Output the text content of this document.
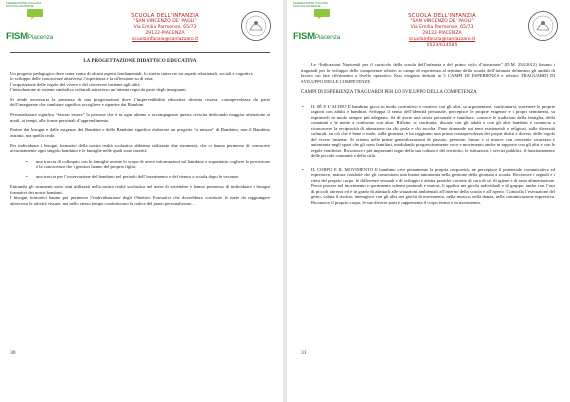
FEDERAZIONE ITALIANA SCUOLE MATERNE
FISMPiacenza
SCUOLA DELL'INFANZIA
“SAN VINCENZO DE' PAOLI”
Via Emilia Parmense, 65/73
29122-PIACENZA
scuolainfanzia@sanlazzaro.it
LA PROGETTAZIONE DIDATTICO EDUCATIVA
Un progetto pedagogico deve tener conto di alcuni aspetti fondamentali: lo stretto intreccio tra aspetti relazionali, sociali e cognitivi;
lo sviluppo delle conoscenze attraverso l’esperienza e la riflessione su di essa;
l’acquisizione delle regole del vivere e del convivere insieme agli altri;
l’introduzione ai sistemi simbolico culturali attraverso un’attenta regia da parte degli insegnanti.

Si rende necessaria la presenza di una progettazione dove l’imprevedibilità educativa diventa risorsa, consapevolezza da parte dell’insegnante che cambiare significa accogliere e ripartire dai Bambini.

Personalizzare significa “lasciar essere” la persona che è in ogni alunno e accompagnare questa crescita dedicando maggior attenzione ai modi, ai tempi, alle forme personali d’apprendimento.

Partire dai bisogni e dalle esigenze dei Bambini e delle Bambine significa elaborare un progetto “a misura” di Bambino, non il Bambino astratto, ma quello reale.

Per individuare i bisogni formativi della nostra realtà scolastica abbiamo utilizzato due strumenti, che ci hanno permesso di conoscere accuratamente ogni singolo bambino e le famiglie nelle quali sono inseriti:

• una traccia di colloquio con le famiglie avente lo scopo di avere informazioni sul bambino e soprattutto cogliere la percezione e la conoscenza che i genitori hanno del proprio figlio;
• una traccia per l’osservazione del bambino nel periodo dell’inserimento e del rientro a scuola dopo le vacanze.

Entrambi gli strumenti sono stati utilizzati nella nostra realtà scolastica nel mese di settembre e hanno permesso di individuare i bisogni formativi dei nostri bambini.

I bisogni formativi hanno poi permesso l’individuazione degli Obiettivi Formativi che dovrebbero costituire le mete da raggiungere attraverso le attività vissute, ma nello stesso tempo costituiscono la radice del piano personalizzato…

30
FEDERAZIONE ITALIANA SCUOLE MATERNE
FISMPiacenza
SCUOLA DELL'INFANZIA
“SAN VINCENZO DE' PAOLI”
Via Emilia Parmense, 65/73
29122-PIACENZA
scuolainfanzia@sanlazzaro.it
0523/614585

Le “Indicazioni Nazionali per il curricolo della scuola dell’infanzia e del primo ciclo d’istruzione” (D.M. 254/2012) fissano i traguardi per lo sviluppo delle competenze relativi ai campi di esperienza al termine della scuola dell’infanzia delineano gli ambiti di lavoro cui fare riferimento a livello operativo. Essi vengono definiti in 5 CAMPI DI ESPERIENZA e relativi TRAGUARDI DI SVILUPPO DELLE COMPETENZE.

CAMPI DI ESPERIENZA TRAGUARDI PER LO SVILUPPO DELLA COMPETENZA
• IL SÉ E L’ALTRO Il bambino gioca in modo costruttivo e creativo con gli altri, sa argomentare, confrontarsi, sostenere le proprie ragioni con adulti e bambini. Sviluppa il senso dell’identità personale, percepisce le proprie esigenze e i propri sentimenti, sa esprimerli in modo sempre più adeguato. Sa di avere una storia personale e familiare, conosce le tradizioni della famiglia, della comunità e le mette a confronto con altre. Riflette, si confronta, discute con gli adulti e con gli altri bambini e comincia a riconoscere la reciprocità di attenzione tra chi parla e chi ascolta. Pone domande sui temi esistenziali e religiosi, sulle diversità culturali, su ciò che è bene o male, sulla giustizia, e ha raggiunto una prima consapevolezza dei propri diritti e doveri, delle regole del vivere insieme. Si orienta nelle prime generalizzazioni di passato, presente, futuro e si muove con crescente sicurezza e autonomia negli spazi che gli sono familiari, modulando progressivamente voce e movimento anche in rapporto con gli altri e con le regole condivise. Riconosce i più importanti segni della sua cultura e del territorio, le istituzioni, i servizi pubblici, il funzionamento delle piccole comunità e della città.
• IL CORPO E IL MOVIMENTO Il bambino vive pienamente la propria corporeità, ne percepisce il potenziale comunicativo ed espressivo, matura condotte che gli consentono una buona autonomia nella gestione della giornata a scuola. Riconosce i segnali e i ritmi del proprio corpo, le differenze sessuali e di sviluppo e adotta pratiche corrette di cura di sé, di igiene e di sana alimentazione. Prova piacere nel movimento e sperimenta schemi posturali e motori, li applica nei giochi individuali e di gruppo, anche con l’uso di piccoli attrezzi ed è in grado di adattarli alle situazioni ambientali all’interno della scuola e all’aperto. Controlla l’esecuzione del gesto, valuta il rischio, interagisce con gli altri nei giochi di movimento, nella musica, nella danza, nella comunicazione espressiva. Riconosce il proprio corpo, le sue diverse parti e rappresenta il corpo fermo e in movimento.
31
